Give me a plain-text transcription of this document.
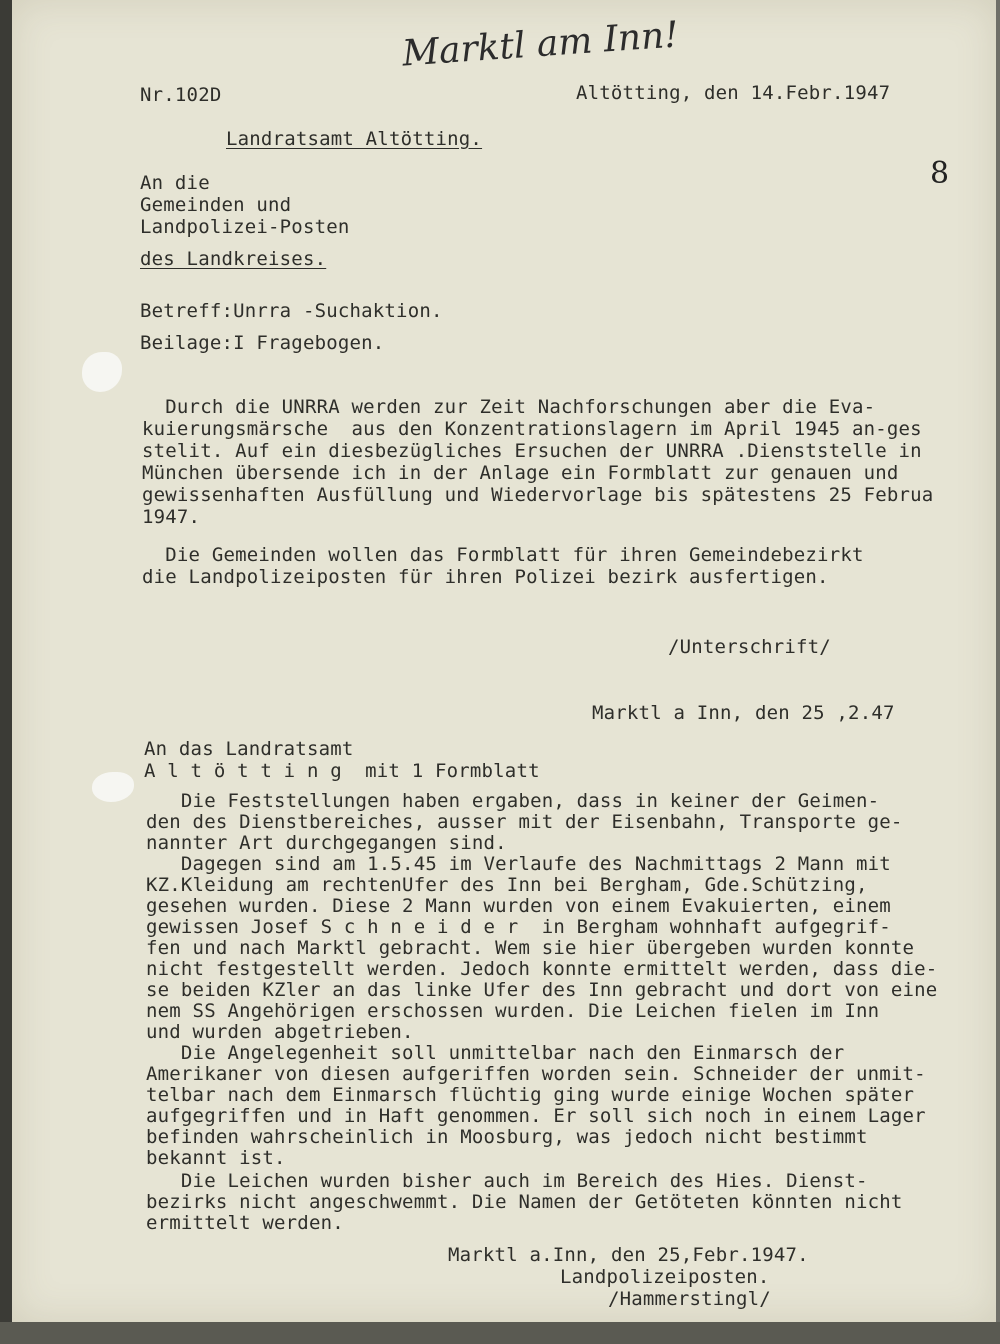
Marktl am Inn!
Nr.102D	Altötting, den 14.Febr.1947
8
Landratsamt Altötting.
An die
Gemeinden und
Landpolizei-Posten
des Landkreises.
Betreff:Unrra -Suchaktion.
Beilage:I Fragebogen.
Durch die UNRRA werden zur Zeit Nachforschungen aber die Eva-
kuierungsmärsche  aus den Konzentrationslagern im April 1945 an-ges
stelit. Auf ein diesbezügliches Ersuchen der UNRRA .Dienststelle in
München übersende ich in der Anlage ein Formblatt zur genauen und
gewissenhaften Ausfüllung und Wiedervorlage bis spätestens 25 Februa
1947.
Die Gemeinden wollen das Formblatt für ihren Gemeindebezirkt
die Landpolizeiposten für ihren Polizei bezirk ausfertigen.
/Unterschrift/
Marktl a Inn, den 25 ,2.47
An das Landratsamt
A l t ö t t i n g  mit 1 Formblatt
Die Feststellungen haben ergaben, dass in keiner der Geimen-
den des Dienstbereiches, ausser mit der Eisenbahn, Transporte ge-
nannter Art durchgegangen sind.
Dagegen sind am 1.5.45 im Verlaufe des Nachmittags 2 Mann mit
KZ.Kleidung am rechtenUfer des Inn bei Bergham, Gde.Schützing,
gesehen wurden. Diese 2 Mann wurden von einem Evakuierten, einem
gewissen Josef S c h n e i d e r  in Bergham wohnhaft aufgegrif-
fen und nach Marktl gebracht. Wem sie hier übergeben wurden konnte
nicht festgestellt werden. Jedoch konnte ermittelt werden, dass die-
se beiden KZler an das linke Ufer des Inn gebracht und dort von eine
nem SS Angehörigen erschossen wurden. Die Leichen fielen im Inn
und wurden abgetrieben.
Die Angelegenheit soll unmittelbar nach den Einmarsch der
Amerikaner von diesen aufgeriffen worden sein. Schneider der unmit-
telbar nach dem Einmarsch flüchtig ging wurde einige Wochen später
aufgegriffen und in Haft genommen. Er soll sich noch in einem Lager
befinden wahrscheinlich in Moosburg, was jedoch nicht bestimmt
bekannt ist.
Die Leichen wurden bisher auch im Bereich des Hies. Dienst-
bezirks nicht angeschwemmt. Die Namen der Getöteten könnten nicht
ermittelt werden.
Marktl a.Inn, den 25,Febr.1947.
Landpolizeiposten.
/Hammerstingl/
